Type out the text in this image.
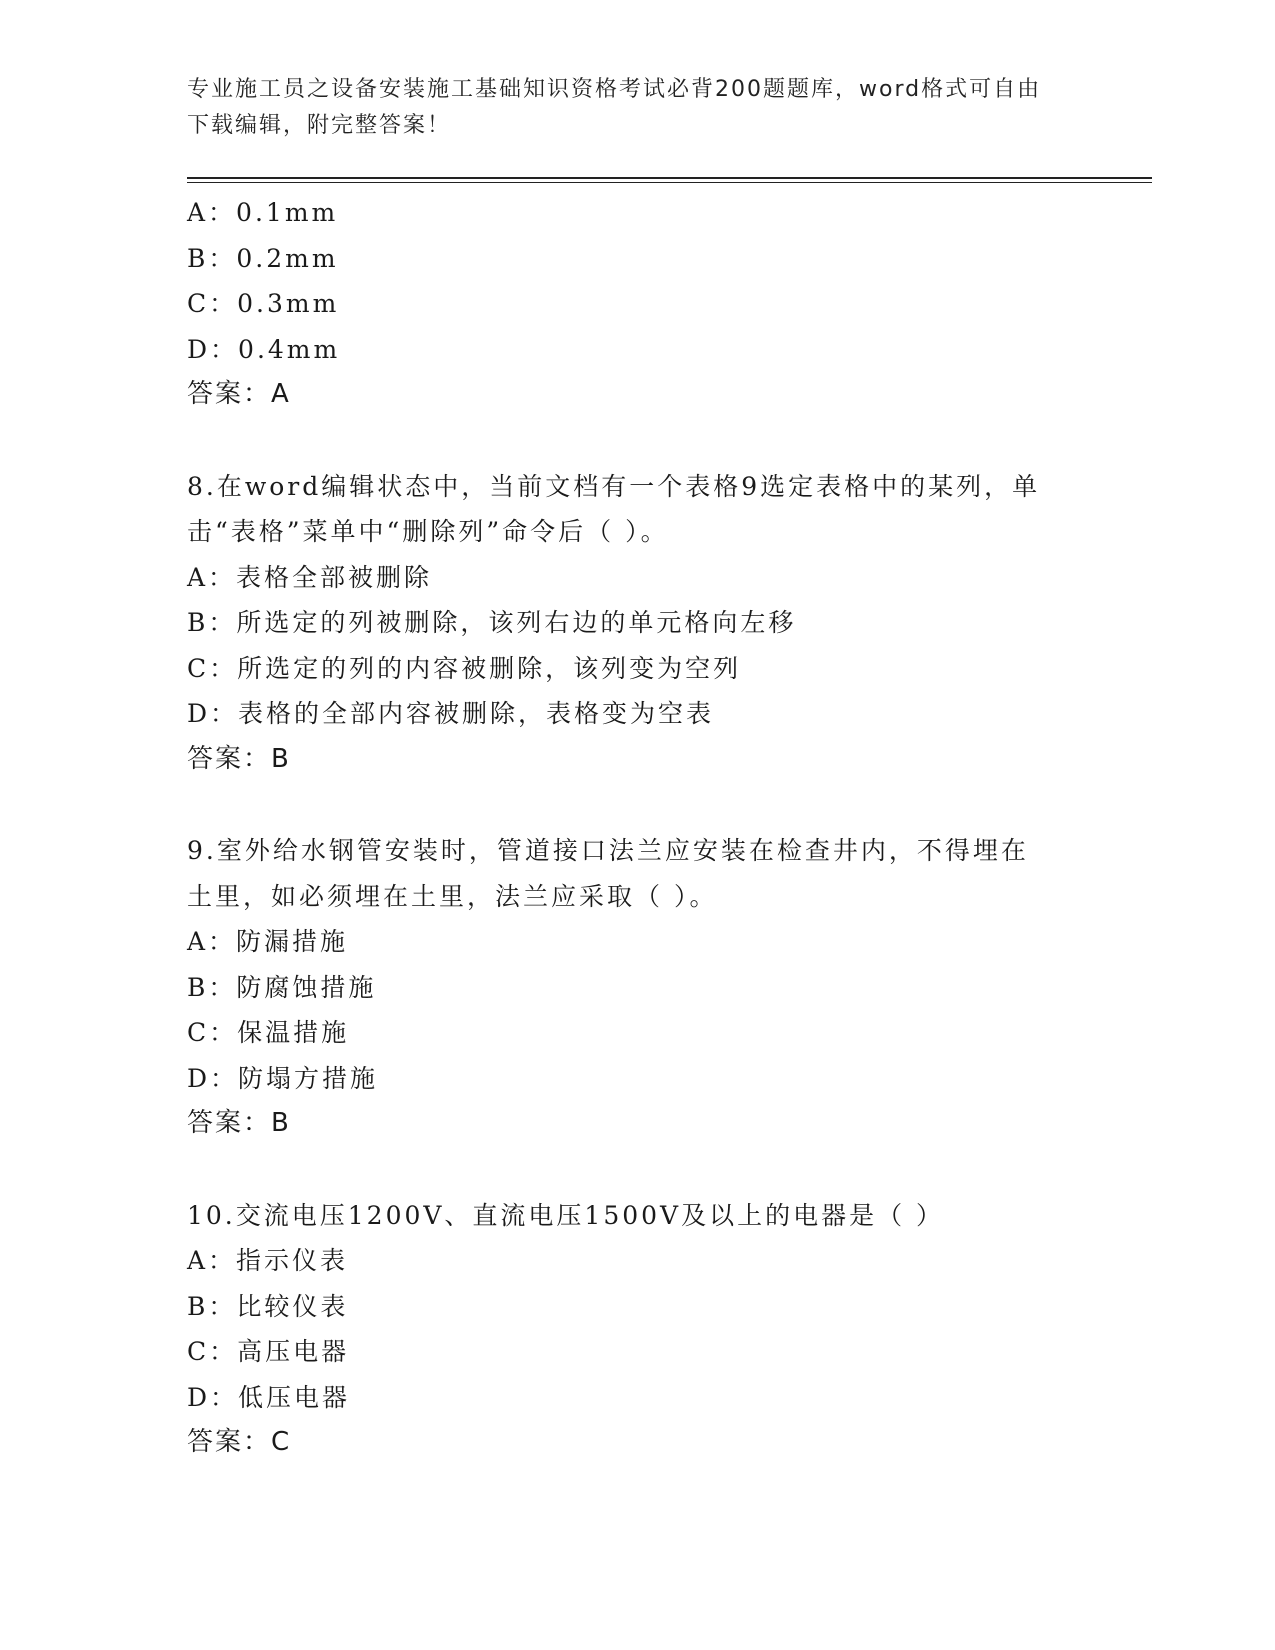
专业施工员之设备安装施工基础知识资格考试必背200题题库，word格式可自由
下载编辑，附完整答案！
A：0.1mm
B：0.2mm
C：0.3mm
D：0.4mm
答案：A
8.在word编辑状态中，当前文档有一个表格9选定表格中的某列，单
击“表格”菜单中“删除列”命令后（ ）。
A：表格全部被删除
B：所选定的列被删除，该列右边的单元格向左移
C：所选定的列的内容被删除，该列变为空列
D：表格的全部内容被删除，表格变为空表
答案：B
9.室外给水钢管安装时，管道接口法兰应安装在检查井内，不得埋在
土里，如必须埋在土里，法兰应采取（ ）。
A：防漏措施
B：防腐蚀措施
C：保温措施
D：防塌方措施
答案：B
10.交流电压1200V、直流电压1500V及以上的电器是（ ）
A：指示仪表
B：比较仪表
C：高压电器
D：低压电器
答案：C
